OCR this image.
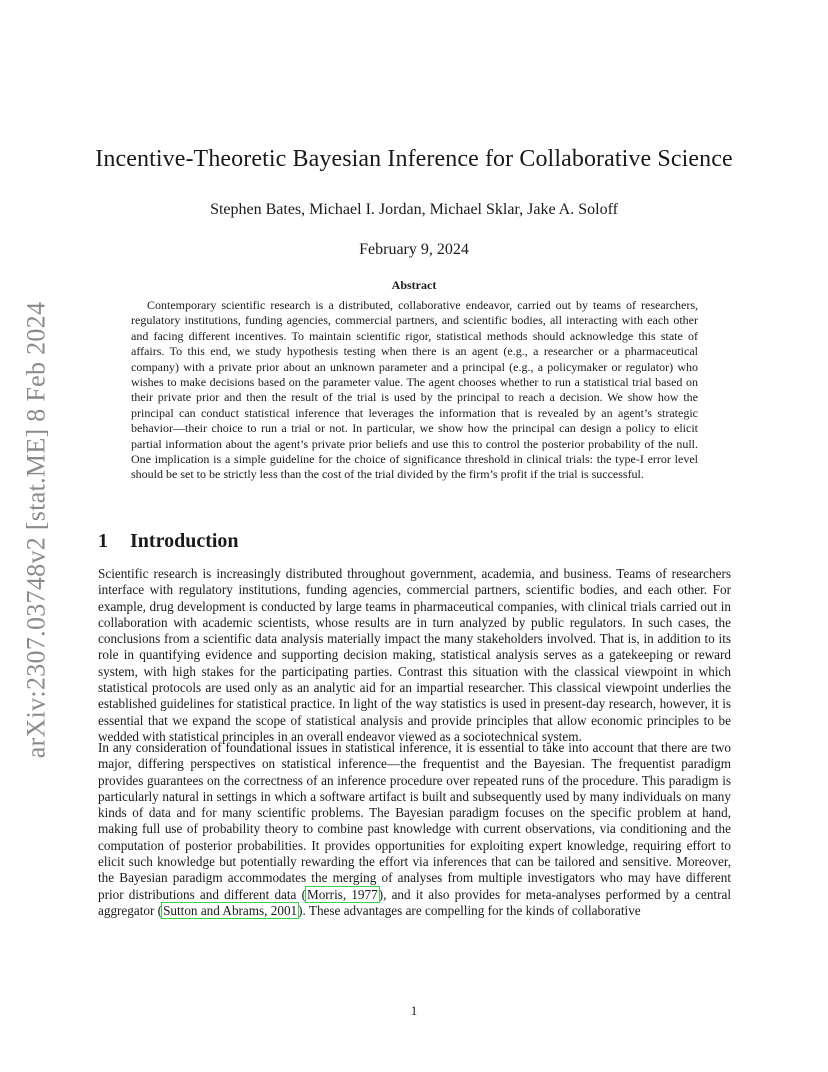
arXiv:2307.03748v2 [stat.ME] 8 Feb 2024
Incentive-Theoretic Bayesian Inference for Collaborative Science
Stephen Bates, Michael I. Jordan, Michael Sklar, Jake A. Soloff
February 9, 2024
Abstract

Contemporary scientific research is a distributed, collaborative endeavor, carried out by teams of researchers, regulatory institutions, funding agencies, commercial partners, and scientific bodies, all interacting with each other and facing different incentives. To maintain scientific rigor, statistical methods should acknowledge this state of affairs. To this end, we study hypothesis testing when there is an agent (e.g., a researcher or a pharmaceutical company) with a private prior about an unknown parameter and a principal (e.g., a policymaker or regulator) who wishes to make decisions based on the parameter value. The agent chooses whether to run a statistical trial based on their private prior and then the result of the trial is used by the principal to reach a decision. We show how the principal can conduct statistical inference that leverages the information that is revealed by an agent’s strategic behavior—their choice to run a trial or not. In particular, we show how the principal can design a policy to elicit partial information about the agent’s private prior beliefs and use this to control the posterior probability of the null. One implication is a simple guideline for the choice of significance threshold in clinical trials: the type-I error level should be set to be strictly less than the cost of the trial divided by the firm’s profit if the trial is successful.

1 Introduction

Scientific research is increasingly distributed throughout government, academia, and business. Teams of researchers interface with regulatory institutions, funding agencies, commercial partners, scientific bodies, and each other. For example, drug development is conducted by large teams in pharmaceutical companies, with clinical trials carried out in collaboration with academic scientists, whose results are in turn analyzed by public regulators. In such cases, the conclusions from a scientific data analysis materially impact the many stakeholders involved. That is, in addition to its role in quantifying evidence and supporting decision making, statistical analysis serves as a gatekeeping or reward system, with high stakes for the participating parties. Contrast this situation with the classical viewpoint in which statistical protocols are used only as an analytic aid for an impartial researcher. This classical viewpoint underlies the established guidelines for statistical practice. In light of the way statistics is used in present-day research, however, it is essential that we expand the scope of statistical analysis and provide principles that allow economic principles to be wedded with statistical principles in an overall endeavor viewed as a sociotechnical system.

In any consideration of foundational issues in statistical inference, it is essential to take into account that there are two major, differing perspectives on statistical inference—the frequentist and the Bayesian. The frequentist paradigm provides guarantees on the correctness of an inference procedure over repeated runs of the procedure. This paradigm is particularly natural in settings in which a software artifact is built and subsequently used by many individuals on many kinds of data and for many scientific problems. The Bayesian paradigm focuses on the specific problem at hand, making full use of probability theory to combine past knowledge with current observations, via conditioning and the computation of posterior probabilities. It provides opportunities for exploiting expert knowledge, requiring effort to elicit such knowledge but potentially rewarding the effort via inferences that can be tailored and sensitive. Moreover, the Bayesian paradigm accommodates the merging of analyses from multiple investigators who may have different prior distributions and different data (Morris, 1977), and it also provides for meta-analyses performed by a central aggregator (Sutton and Abrams, 2001). These advantages are compelling for the kinds of collaborative

1
